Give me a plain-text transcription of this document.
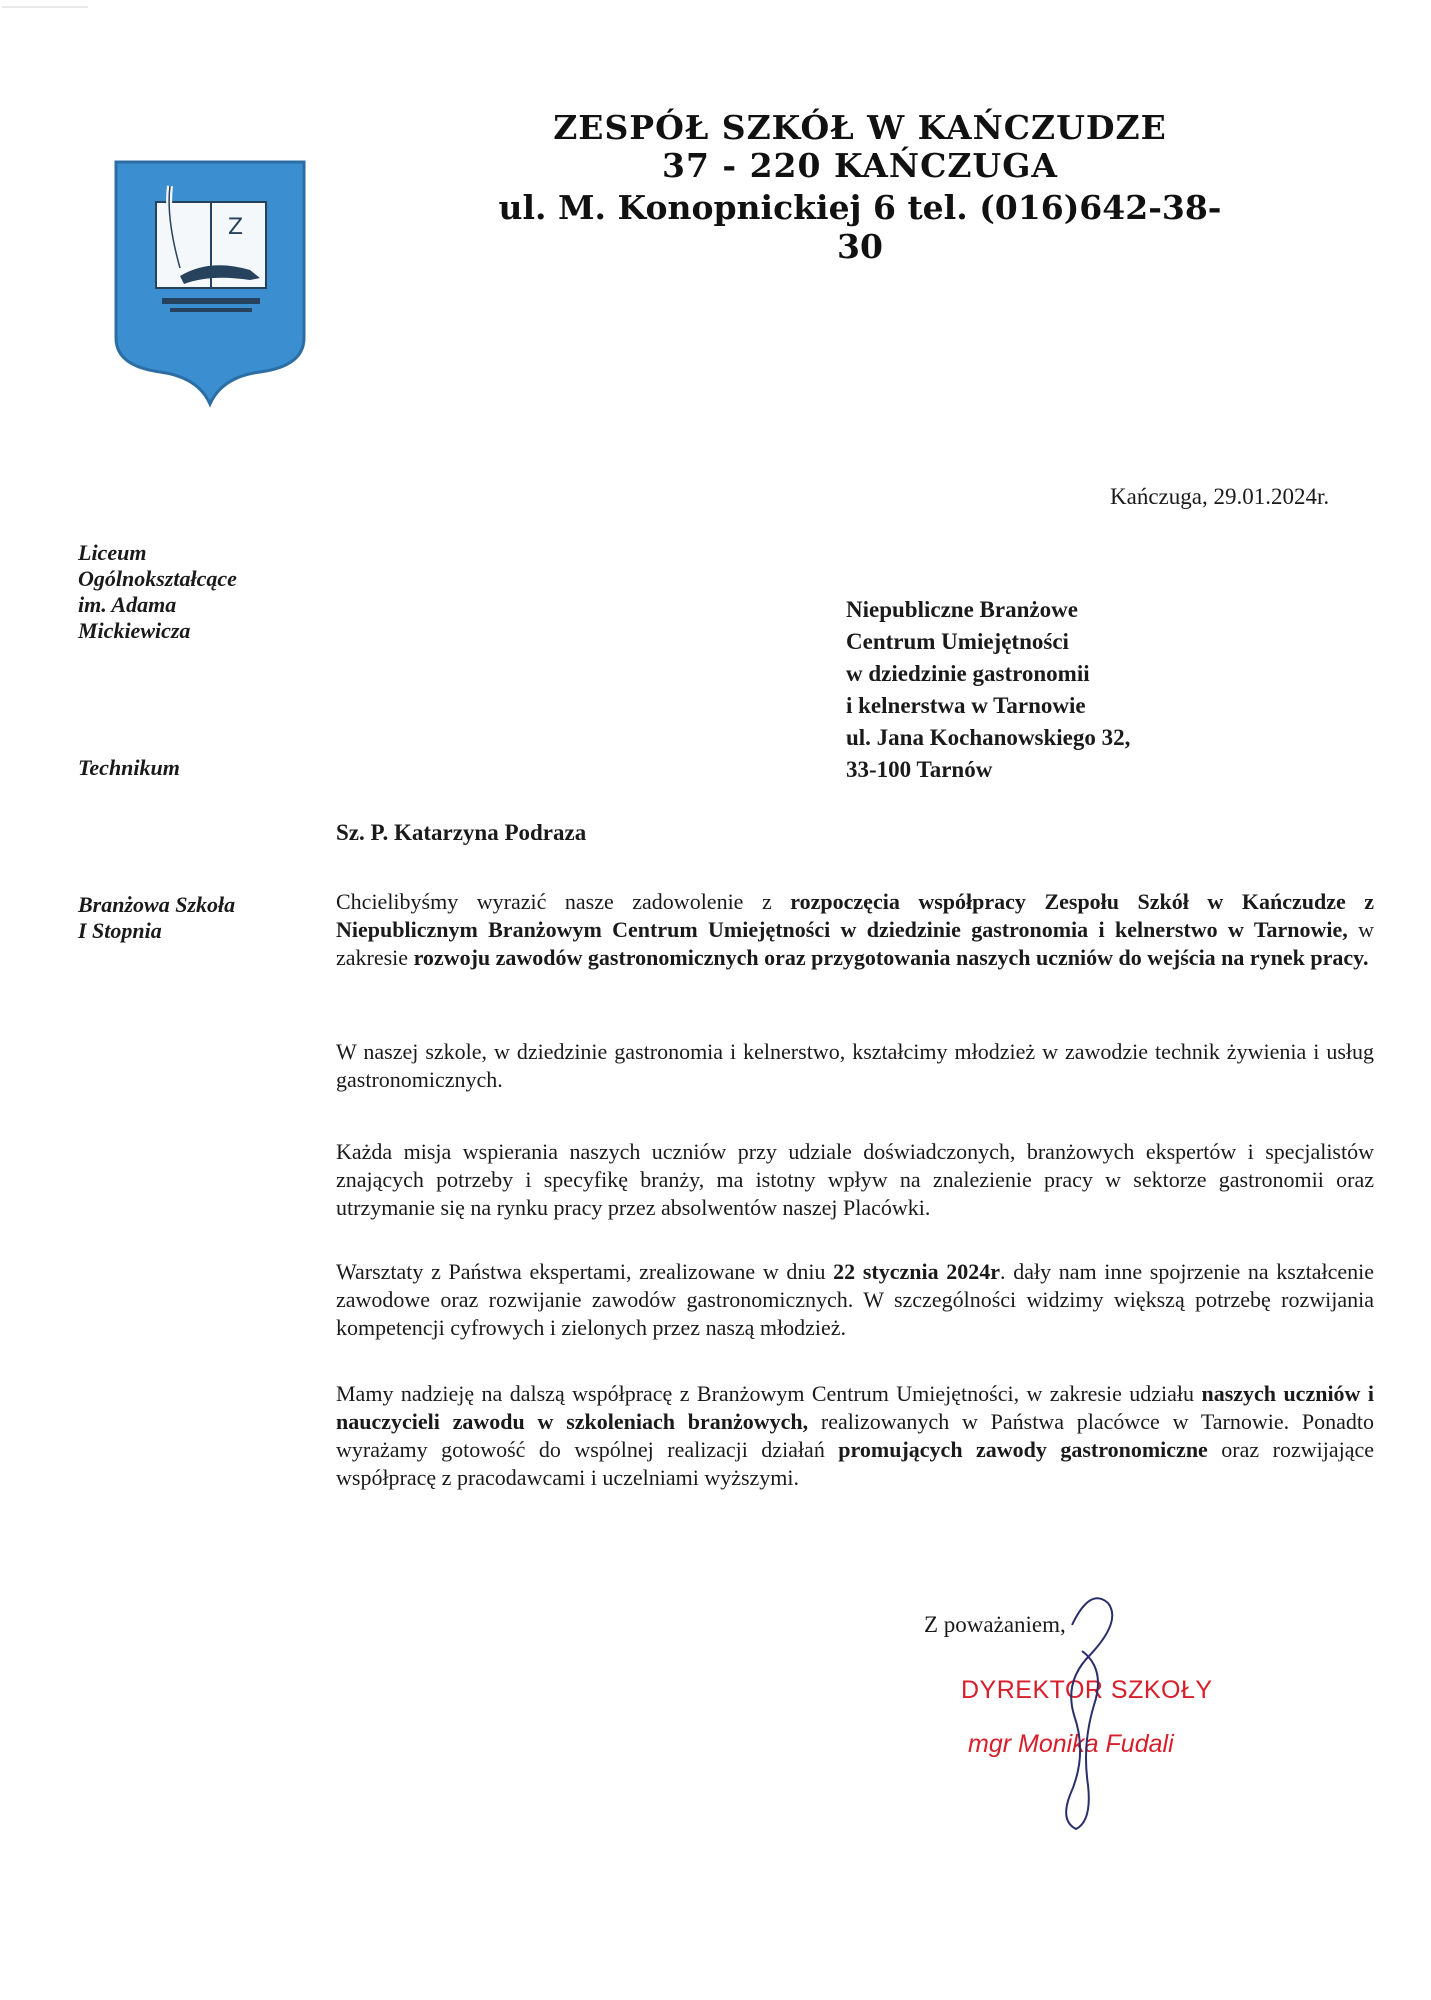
ZESPÓŁ SZKÓŁ W KAŃCZUDZE
37 - 220 KAŃCZUGA
ul. M. Konopnickiej 6 tel. (016)642-38-30
Z
Kańczuga, 29.01.2024r.
Liceum
Ogólnokształcące
im. Adama
Mickiewicza
Technikum
Branżowa Szkoła
I Stopnia
Niepubliczne Branżowe
Centrum Umiejętności
w dziedzinie gastronomii
i kelnerstwa w Tarnowie
ul. Jana Kochanowskiego 32,
33-100 Tarnów
Sz. P. Katarzyna Podraza
Chcielibyśmy wyrazić nasze zadowolenie z rozpoczęcia współpracy Zespołu Szkół w Kańczudze z Niepublicznym Branżowym Centrum Umiejętności w dziedzinie gastronomia i kelnerstwo w Tarnowie, w zakresie rozwoju zawodów gastronomicznych oraz przygotowania naszych uczniów do wejścia na rynek pracy.
W naszej szkole, w dziedzinie gastronomia i kelnerstwo, kształcimy młodzież w zawodzie technik żywienia i usług gastronomicznych.
Każda misja wspierania naszych uczniów przy udziale doświadczonych, branżowych ekspertów i specjalistów znających potrzeby i specyfikę branży, ma istotny wpływ na znalezienie pracy w sektorze gastronomii oraz utrzymanie się na rynku pracy przez absolwentów naszej Placówki.
Warsztaty z Państwa ekspertami, zrealizowane w dniu 22 stycznia 2024r. dały nam inne spojrzenie na kształcenie zawodowe oraz rozwijanie zawodów gastronomicznych. W szczególności widzimy większą potrzebę rozwijania kompetencji cyfrowych i zielonych przez naszą młodzież.
Mamy nadzieję na dalszą współpracę z Branżowym Centrum Umiejętności, w zakresie udziału naszych uczniów i nauczycieli zawodu w szkoleniach branżowych, realizowanych w Państwa placówce w Tarnowie. Ponadto wyrażamy gotowość do wspólnej realizacji działań promujących zawody gastronomiczne oraz rozwijające współpracę z pracodawcami i uczelniami wyższymi.
Z poważaniem,
DYREKTOR SZKOŁY
mgr Monika Fudali
